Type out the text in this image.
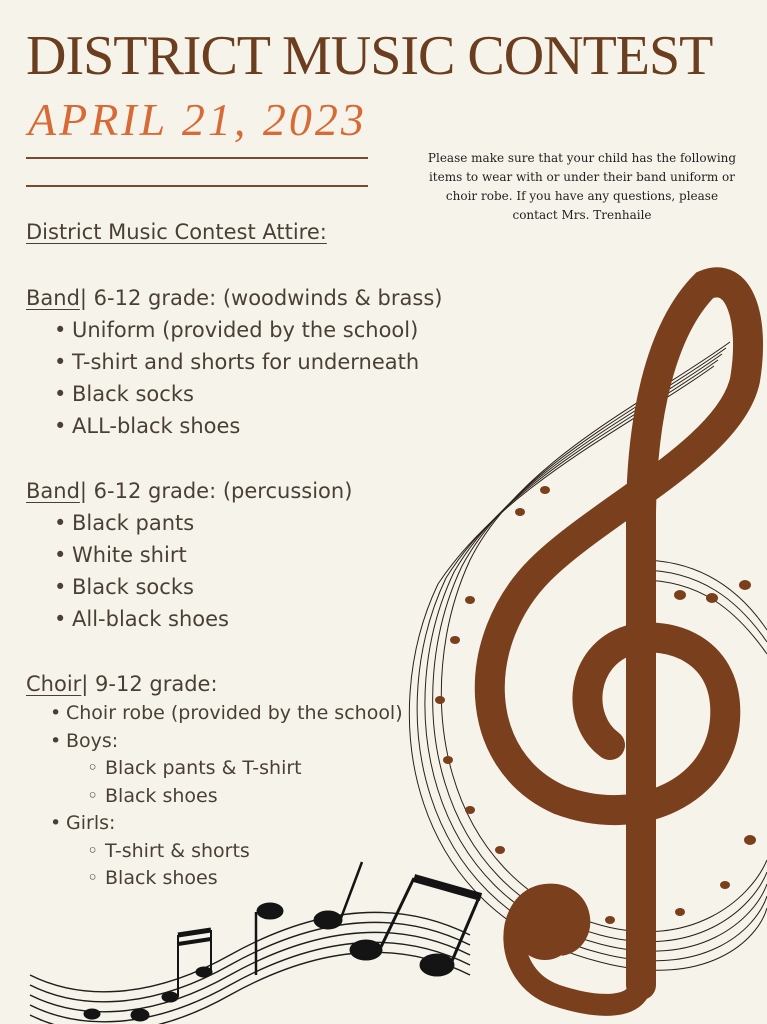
DISTRICT MUSIC CONTEST
APRIL 21, 2023
Please make sure that your child has the following items to wear with or under their band uniform or choir robe. If you have any questions, please contact Mrs. Trenhaile
District Music Contest Attire:
Band| 6-12 grade: (woodwinds & brass)
• Uniform (provided by the school)
• T-shirt and shorts for underneath
• Black socks
• ALL-black shoes
Band| 6-12 grade: (percussion)
• Black pants
• White shirt
• Black socks
• All-black shoes
Choir| 9-12 grade:
• Choir robe (provided by the school)
• Boys:
◦ Black pants & T-shirt
◦ Black shoes
• Girls:
◦ T-shirt & shorts
◦ Black shoes
